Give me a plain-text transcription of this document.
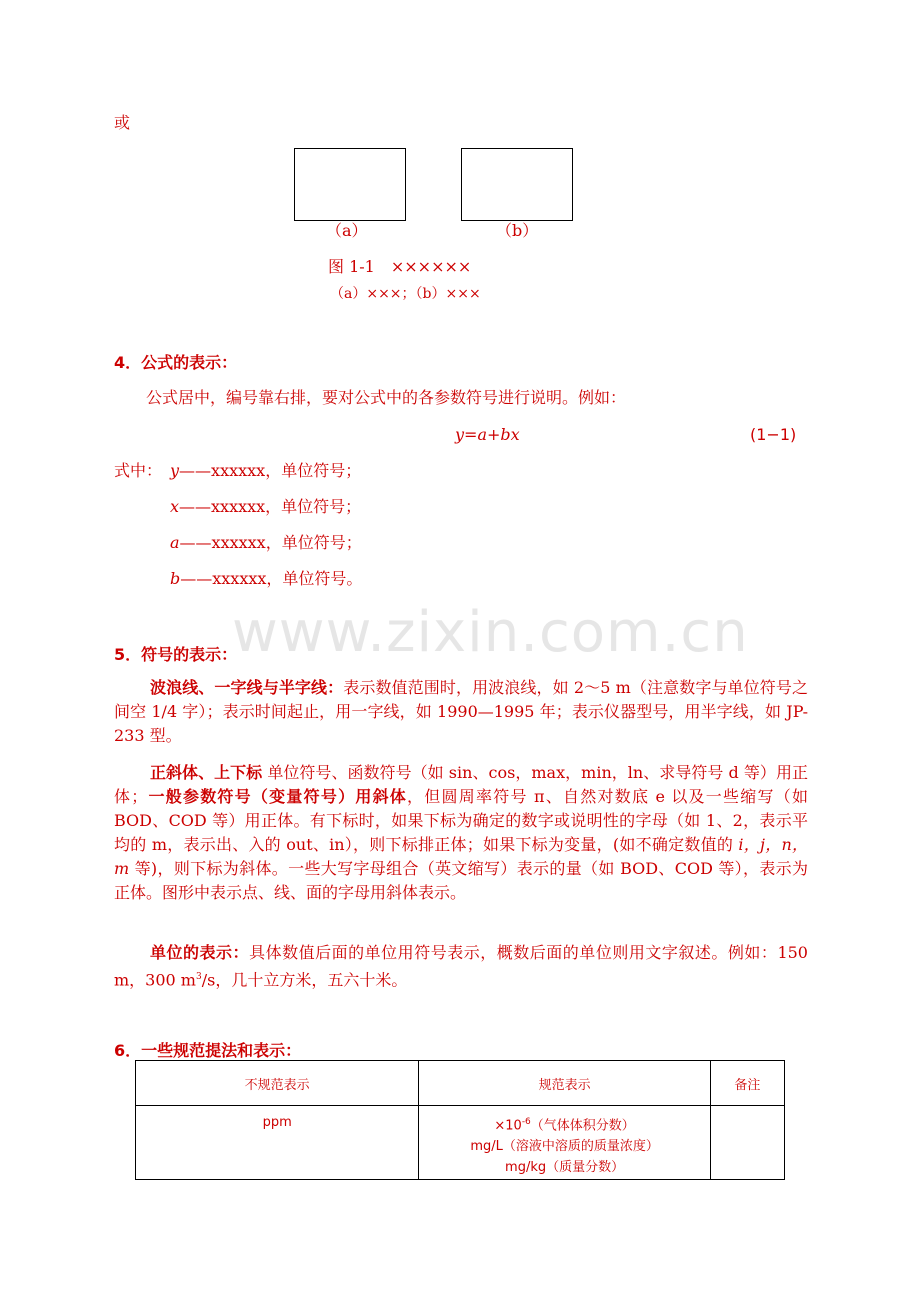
或
（a）	（b）
图 1-1　××××××
（a）×××；（b）×××
4．公式的表示：
公式居中，编号靠右排，要对公式中的各参数符号进行说明。例如：
y=a+bx	(1−1)
式中： y——xxxxxx，单位符号；
x——xxxxxx，单位符号；
a——xxxxxx，单位符号；
b——xxxxxx，单位符号。
www.zixin.com.cn
5．符号的表示：
波浪线、一字线与半字线：表示数值范围时，用波浪线，如 2～5 m（注意数字与单位符号之间空 1/4 字）；表示时间起止，用一字线，如 1990—1995 年；表示仪器型号，用半字线，如 JP-233 型。
正斜体、上下标 单位符号、函数符号（如 sin、cos，max，min，ln、求导符号 d 等）用正体；一般参数符号（变量符号）用斜体，但圆周率符号 π、自然对数底 e 以及一些缩写（如 BOD、COD 等）用正体。有下标时，如果下标为确定的数字或说明性的字母（如 1、2，表示平均的 m，表示出、入的 out、in），则下标排正体；如果下标为变量，(如不确定数值的 i，j，n，m 等)，则下标为斜体。一些大写字母组合（英文缩写）表示的量（如 BOD、COD 等），表示为正体。图形中表示点、线、面的字母用斜体表示。
单位的表示：具体数值后面的单位用符号表示，概数后面的单位则用文字叙述。例如：150 m，300 $m^3/s$，几十立方米，五六十米。
6．一些规范提法和表示：
不规范表示	规范表示	备注
ppm	$\times 10^{-6}$（气体体积分数）
mg/L（溶液中溶质的质量浓度）
mg/kg（质量分数）	
